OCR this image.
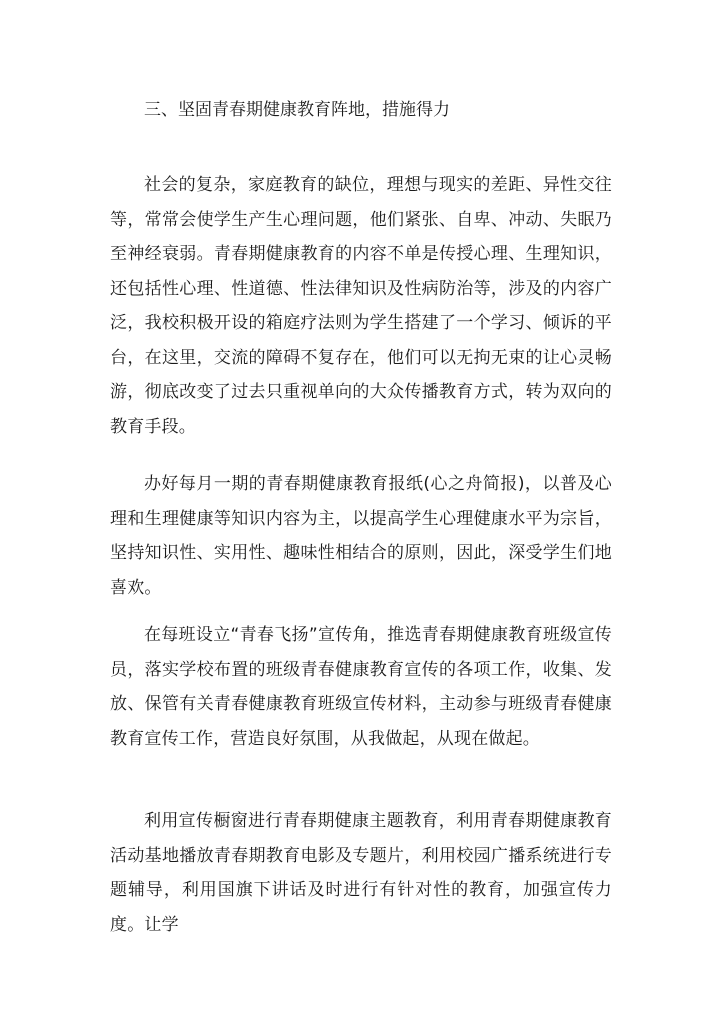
三、坚固青春期健康教育阵地，措施得力

社会的复杂，家庭教育的缺位，理想与现实的差距、异性交往等，常常会使学生产生心理问题，他们紧张、自卑、冲动、失眠乃至神经衰弱。青春期健康教育的内容不单是传授心理、生理知识，还包括性心理、性道德、性法律知识及性病防治等，涉及的内容广泛，我校积极开设的箱庭疗法则为学生搭建了一个学习、倾诉的平台，在这里，交流的障碍不复存在，他们可以无拘无束的让心灵畅游，彻底改变了过去只重视单向的大众传播教育方式，转为双向的教育手段。

办好每月一期的青春期健康教育报纸(心之舟简报)，以普及心理和生理健康等知识内容为主，以提高学生心理健康水平为宗旨，坚持知识性、实用性、趣味性相结合的原则，因此，深受学生们地喜欢。

在每班设立“青春飞扬”宣传角，推选青春期健康教育班级宣传员，落实学校布置的班级青春健康教育宣传的各项工作，收集、发放、保管有关青春健康教育班级宣传材料，主动参与班级青春健康教育宣传工作，营造良好氛围，从我做起，从现在做起。

利用宣传橱窗进行青春期健康主题教育，利用青春期健康教育活动基地播放青春期教育电影及专题片，利用校园广播系统进行专题辅导，利用国旗下讲话及时进行有针对性的教育，加强宣传力度。让学
